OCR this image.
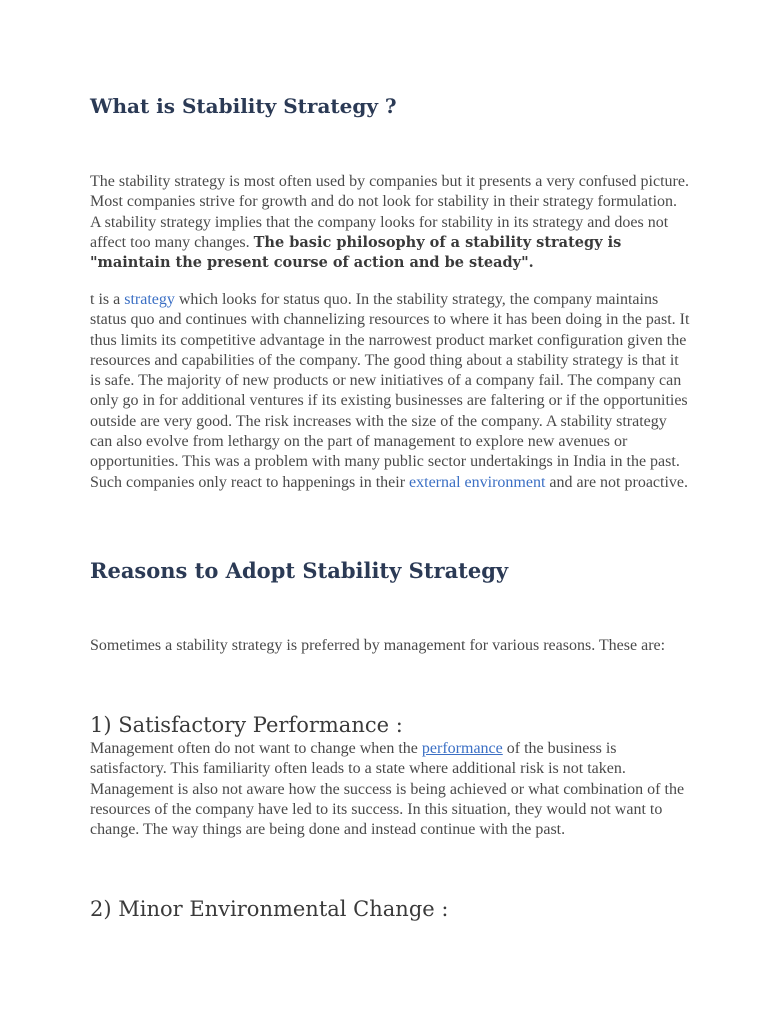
What is Stability Strategy ?

The stability strategy is most often used by companies but it presents a very confused picture. Most companies strive for growth and do not look for stability in their strategy formulation. A stability strategy implies that the company looks for stability in its strategy and does not affect too many changes. The basic philosophy of a stability strategy is "maintain the present course of action and be steady".

t is a strategy which looks for status quo. In the stability strategy, the company maintains status quo and continues with channelizing resources to where it has been doing in the past. It thus limits its competitive advantage in the narrowest product market configuration given the resources and capabilities of the company. The good thing about a stability strategy is that it is safe. The majority of new products or new initiatives of a company fail. The company can only go in for additional ventures if its existing businesses are faltering or if the opportunities outside are very good. The risk increases with the size of the company. A stability strategy can also evolve from lethargy on the part of management to explore new avenues or opportunities. This was a problem with many public sector undertakings in India in the past. Such companies only react to happenings in their external environment and are not proactive.

Reasons to Adopt Stability Strategy

Sometimes a stability strategy is preferred by management for various reasons. These are:

1) Satisfactory Performance :

Management often do not want to change when the performance of the business is satisfactory. This familiarity often leads to a state where additional risk is not taken. Management is also not aware how the success is being achieved or what combination of the resources of the company have led to its success. In this situation, they would not want to change. The way things are being done and instead continue with the past.

2) Minor Environmental Change :
